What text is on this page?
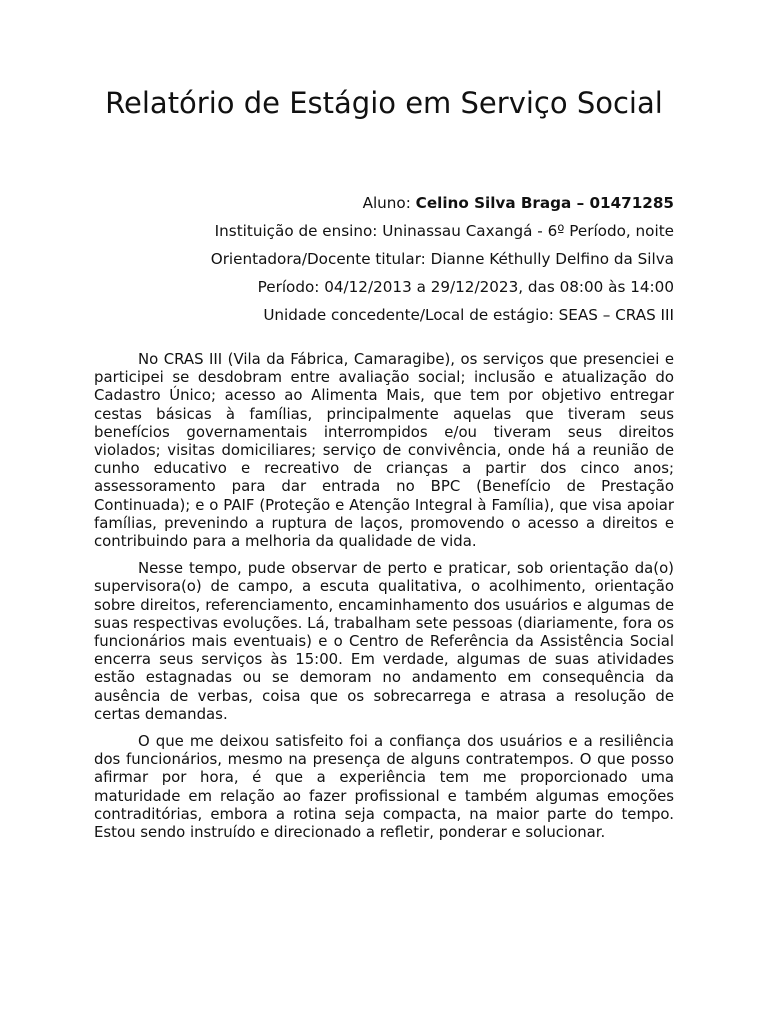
Relatório de Estágio em Serviço Social
Aluno: Celino Silva Braga – 01471285
Instituição de ensino: Uninassau Caxangá - 6º Período, noite
Orientadora/Docente titular: Dianne Kéthully Delfino da Silva
Período: 04/12/2013 a 29/12/2023, das 08:00 às 14:00
Unidade concedente/Local de estágio: SEAS – CRAS III

No CRAS III (Vila da Fábrica, Camaragibe), os serviços que presenciei e participei se desdobram entre avaliação social; inclusão e atualização do Cadastro Único; acesso ao Alimenta Mais, que tem por objetivo entregar cestas básicas à famílias, principalmente aquelas que tiveram seus benefícios governamentais interrompidos e/ou tiveram seus direitos violados; visitas domiciliares; serviço de convivência, onde há a reunião de cunho educativo e recreativo de crianças a partir dos cinco anos; assessoramento para dar entrada no BPC (Benefício de Prestação Continuada); e o PAIF (Proteção e Atenção Integral à Família), que visa apoiar famílias, prevenindo a ruptura de laços, promovendo o acesso a direitos e contribuindo para a melhoria da qualidade de vida.

Nesse tempo, pude observar de perto e praticar, sob orientação da(o) supervisora(o) de campo, a escuta qualitativa, o acolhimento, orientação sobre direitos, referenciamento, encaminhamento dos usuários e algumas de suas respectivas evoluções. Lá, trabalham sete pessoas (diariamente, fora os funcionários mais eventuais) e o Centro de Referência da Assistência Social encerra seus serviços às 15:00. Em verdade, algumas de suas atividades estão estagnadas ou se demoram no andamento em consequência da ausência de verbas, coisa que os sobrecarrega e atrasa a resolução de certas demandas.

O que me deixou satisfeito foi a confiança dos usuários e a resiliência dos funcionários, mesmo na presença de alguns contratempos. O que posso afirmar por hora, é que a experiência tem me proporcionado uma maturidade em relação ao fazer profissional e também algumas emoções contraditórias, embora a rotina seja compacta, na maior parte do tempo. Estou sendo instruído e direcionado a refletir, ponderar e solucionar.
